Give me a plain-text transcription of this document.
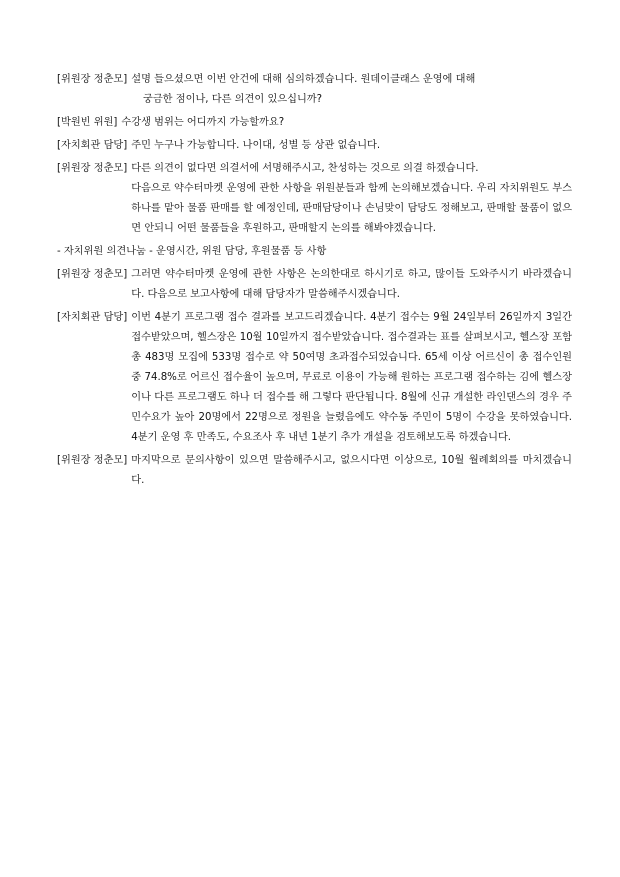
[위원장 정춘모] 설명 들으셨으면 이번 안건에 대해 심의하겠습니다. 원데이클래스 운영에 대해

궁금한 점이나, 다른 의견이 있으십니까?

[박원빈 위원] 수강생 범위는 어디까지 가능할까요?

[자치회관 담당] 주민 누구나 가능합니다. 나이대, 성별 등 상관 없습니다.

[위원장 정춘모] 다른 의견이 없다면 의결서에 서명해주시고, 찬성하는 것으로 의결 하겠습니다.

다음으로 약수터마켓 운영에 관한 사항을 위원분들과 함께 논의해보겠습니다. 우리 자치위원도 부스 하나를 맡아 물품 판매를 할 예정인데, 판매담당이나 손님맞이 담당도 정해보고, 판매할 물품이 없으면 안되니 어떤 물품들을 후원하고, 판매할지 논의를 해봐야겠습니다.

- 자치위원 의견나눔 - 운영시간, 위원 담당, 후원물품 등 사항
[위원장 정춘모] 그러면 약수터마켓 운영에 관한 사항은 논의한대로 하시기로 하고, 많이들 도와주시기 바라겠습니다. 다음으로 보고사항에 대해 담당자가 말씀해주시겠습니다.

[자치회관 담당] 이번 4분기 프로그램 접수 결과를 보고드리겠습니다. 4분기 접수는 9월 24일부터 26일까지 3일간 접수받았으며, 헬스장은 10월 10일까지 접수받았습니다. 접수결과는 표를 살펴보시고, 헬스장 포함 총 483명 모집에 533명 접수로 약 50여명 초과접수되었습니다. 65세 이상 어르신이 총 접수인원 중 74.8%로 어르신 접수율이 높으며, 무료로 이용이 가능해 원하는 프로그램 접수하는 김에 헬스장이나 다른 프로그램도 하나 더 접수를 해 그렇다 판단됩니다. 8월에 신규 개설한 라인댄스의 경우 주민수요가 높아 20명에서 22명으로 정원을 늘렸음에도 약수동 주민이 5명이 수강을 못하였습니다. 4분기 운영 후 만족도, 수요조사 후 내년 1분기 추가 개설을 검토해보도록 하겠습니다.

[위원장 정춘모] 마지막으로 문의사항이 있으면 말씀해주시고, 없으시다면 이상으로, 10월 월례회의를 마치겠습니다.
